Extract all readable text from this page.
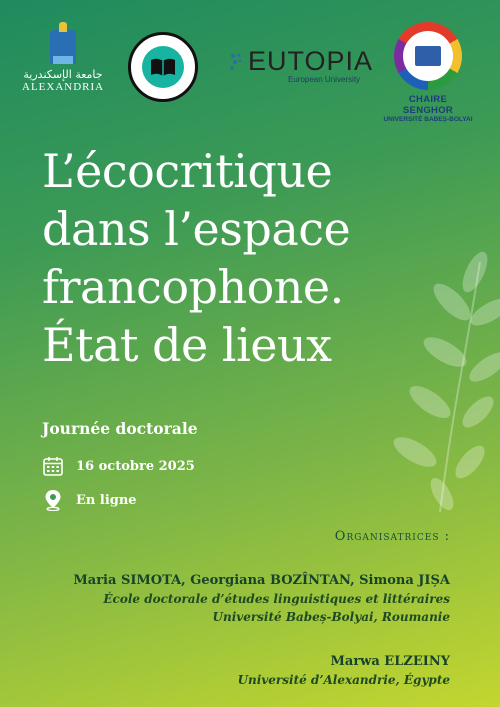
جامعة الإسكندرية
ALEXANDRIA
EUTOPIA
European University
CHAIRE SENGHOR
UNIVERSITÉ BABEȘ-BOLYAI
L’écocritique
dans l’espace
francophone.
État de lieux
Journée doctorale
16 octobre 2025
En ligne
Organisatrices :
Maria SIMOTA, Georgiana BOZÎNTAN, Simona JIȘA
École doctorale d’études linguistiques et littéraires
Université Babeș-Bolyai, Roumanie
Marwa ELZEINY
Université d’Alexandrie, Égypte
